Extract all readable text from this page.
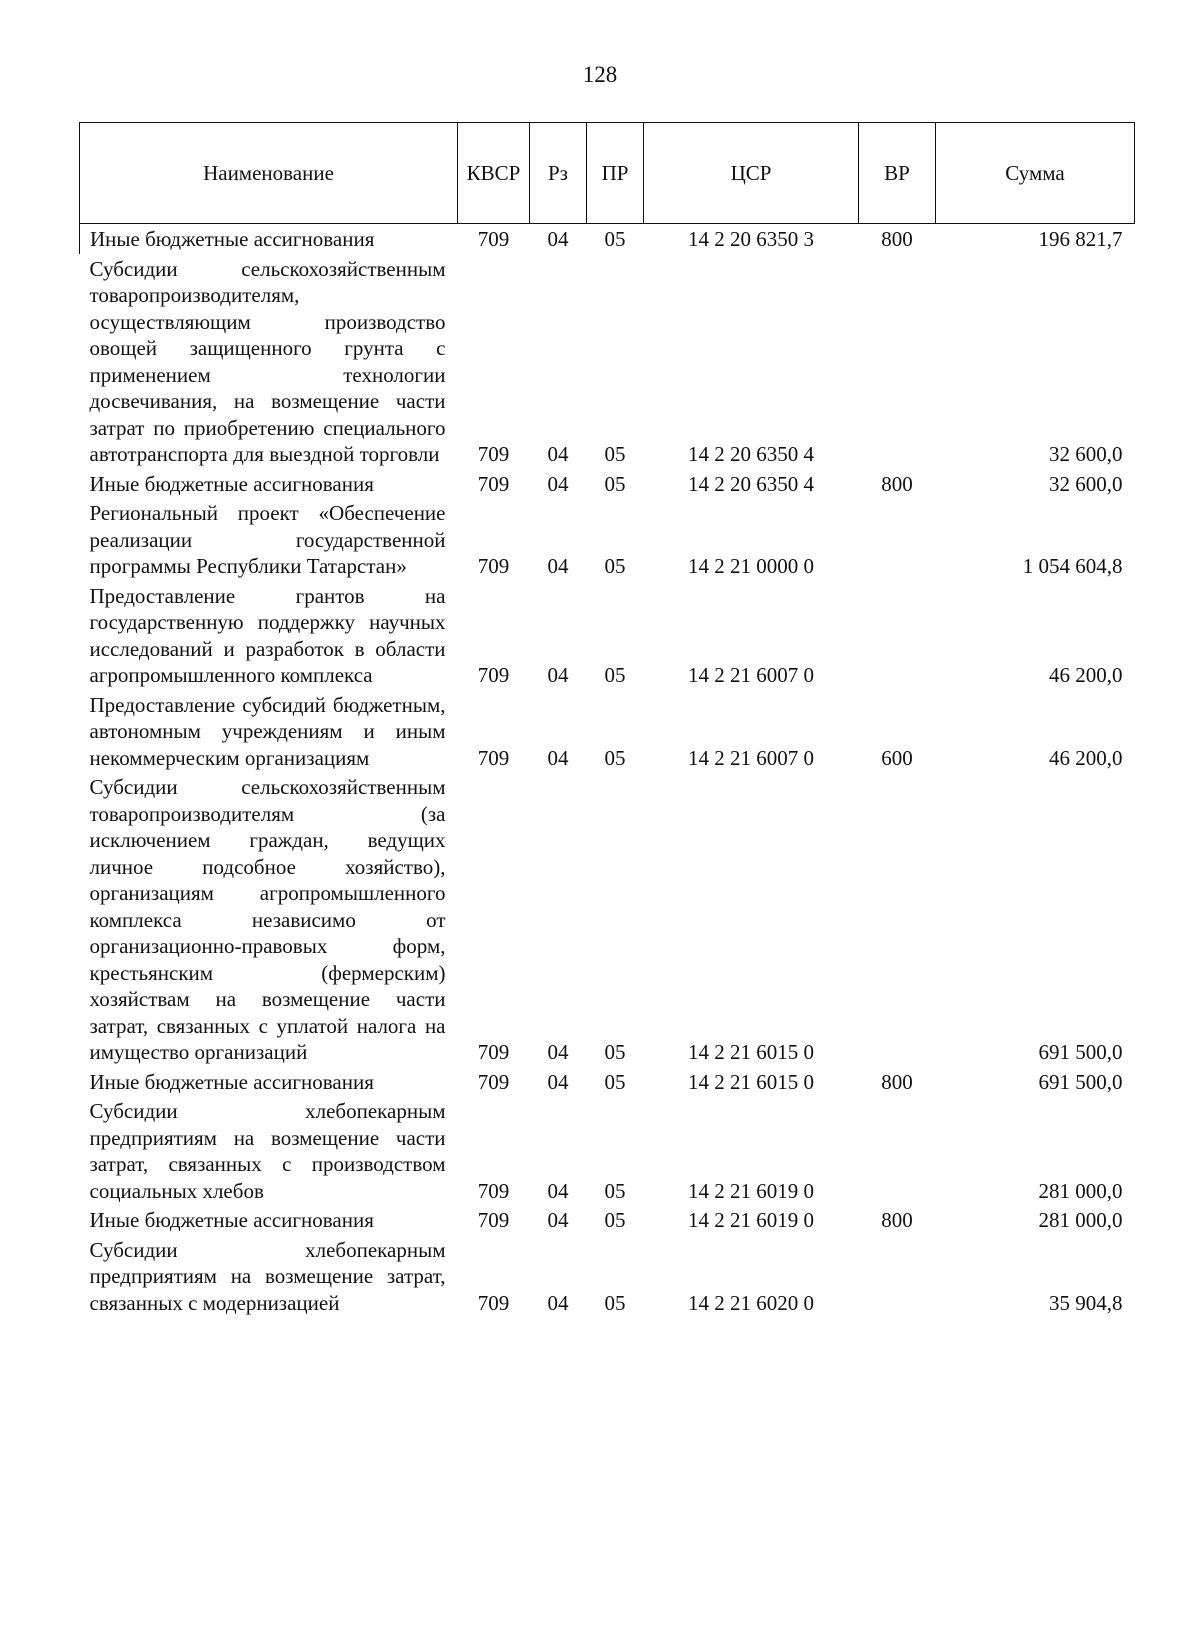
128
Наименование	КВСР	Рз	ПР	ЦСР	ВР	Сумма
Иные бюджетные ассигнования	709	04	05	14 2 20 6350 3	800	196 821,7
Субсидии сельскохозяйственным товаропроизводителям, осуществляющим производство овощей защищенного грунта с применением технологии досвечивания, на возмещение части затрат по приобретению специального автотранспорта для выездной торговли	709	04	05	14 2 20 6350 4		32 600,0
Иные бюджетные ассигнования	709	04	05	14 2 20 6350 4	800	32 600,0
Региональный проект «Обеспечение реализации государственной программы Республики Татарстан»	709	04	05	14 2 21 0000 0		1 054 604,8
Предоставление грантов на государственную поддержку научных исследований и разработок в области агропромышленного комплекса	709	04	05	14 2 21 6007 0		46 200,0
Предоставление субсидий бюджетным, автономным учреждениям и иным некоммерческим организациям	709	04	05	14 2 21 6007 0	600	46 200,0
Субсидии сельскохозяйственным товаропроизводителям (за исключением граждан, ведущих личное подсобное хозяйство), организациям агропромышленного комплекса независимо от организационно-правовых форм, крестьянским (фермерским) хозяйствам на возмещение части затрат, связанных с уплатой налога на имущество организаций	709	04	05	14 2 21 6015 0		691 500,0
Иные бюджетные ассигнования	709	04	05	14 2 21 6015 0	800	691 500,0
Субсидии хлебопекарным предприятиям на возмещение части затрат, связанных с производством социальных хлебов	709	04	05	14 2 21 6019 0		281 000,0
Иные бюджетные ассигнования	709	04	05	14 2 21 6019 0	800	281 000,0
Субсидии хлебопекарным предприятиям на возмещение затрат, связанных с модернизацией	709	04	05	14 2 21 6020 0		35 904,8
